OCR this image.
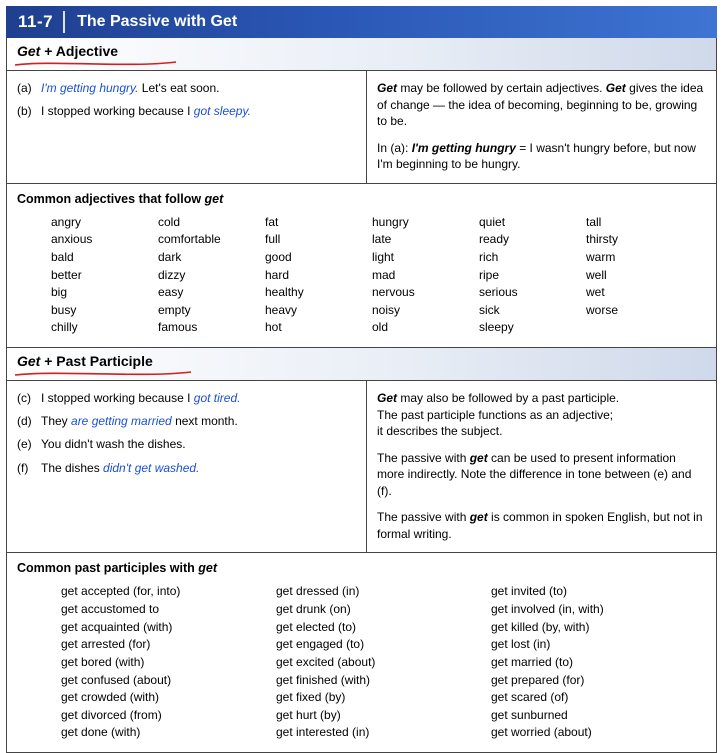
11-7	The Passive with Get
Get + Adjective
(a) I'm getting hungry. Let's eat soon.
(b) I stopped working because I got sleepy.

Get may be followed by certain adjectives. Get gives the idea of change — the idea of becoming, beginning to be, growing to be.

In (a): I'm getting hungry = I wasn't hungry before, but now I'm beginning to be hungry.

Common adjectives that follow get
angry
anxious
bald
better
big
busy
chilly
cold
comfortable
dark
dizzy
easy
empty
famous
fat
full
good
hard
healthy
heavy
hot
hungry
late
light
mad
nervous
noisy
old
quiet
ready
rich
ripe
serious
sick
sleepy
tall
thirsty
warm
well
wet
worse
Get + Past Participle
(c) I stopped working because I got tired.
(d) They are getting married next month.
(e) You didn't wash the dishes.
(f)	The dishes didn't get washed.

Get may also be followed by a past participle.
The past participle functions as an adjective;
it describes the subject.

The passive with get can be used to present information more indirectly. Note the difference in tone between (e) and (f).

The passive with get is common in spoken English, but not in formal writing.

Common past participles with get
get accepted (for, into)
get accustomed to
get acquainted (with)
get arrested (for)
get bored (with)
get confused (about)
get crowded (with)
get divorced (from)
get done (with)
get dressed (in)
get drunk (on)
get elected (to)
get engaged (to)
get excited (about)
get finished (with)
get fixed (by)
get hurt (by)
get interested (in)
get invited (to)
get involved (in, with)
get killed (by, with)
get lost (in)
get married (to)
get prepared (for)
get scared (of)
get sunburned
get worried (about)
